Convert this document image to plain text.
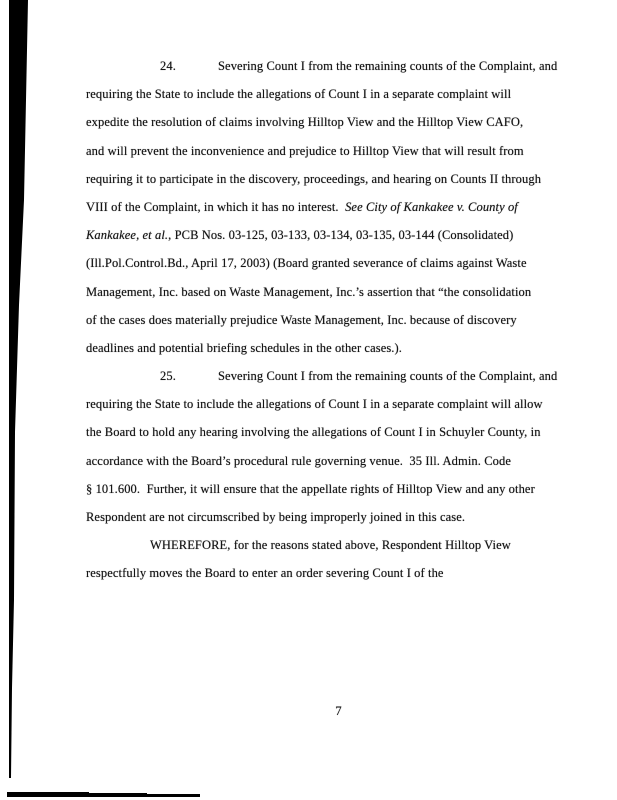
24.	Severing Count I from the remaining counts of the Complaint, and
requiring the State to include the allegations of Count I in a separate complaint will
expedite the resolution of claims involving Hilltop View and the Hilltop View CAFO,
and will prevent the inconvenience and prejudice to Hilltop View that will result from
requiring it to participate in the discovery, proceedings, and hearing on Counts II through
VIII of the Complaint, in which it has no interest.  See City of Kankakee v. County of
Kankakee, et al., PCB Nos. 03-125, 03-133, 03-134, 03-135, 03-144 (Consolidated)
(Ill.Pol.Control.Bd., April 17, 2003) (Board granted severance of claims against Waste
Management, Inc. based on Waste Management, Inc.’s assertion that “the consolidation
of the cases does materially prejudice Waste Management, Inc. because of discovery
deadlines and potential briefing schedules in the other cases.).
25.	Severing Count I from the remaining counts of the Complaint, and
requiring the State to include the allegations of Count I in a separate complaint will allow
the Board to hold any hearing involving the allegations of Count I in Schuyler County, in
accordance with the Board’s procedural rule governing venue.  35 Ill. Admin. Code
§ 101.600.  Further, it will ensure that the appellate rights of Hilltop View and any other
Respondent are not circumscribed by being improperly joined in this case.
WHEREFORE, for the reasons stated above, Respondent Hilltop View
respectfully moves the Board to enter an order severing Count I of the
7
